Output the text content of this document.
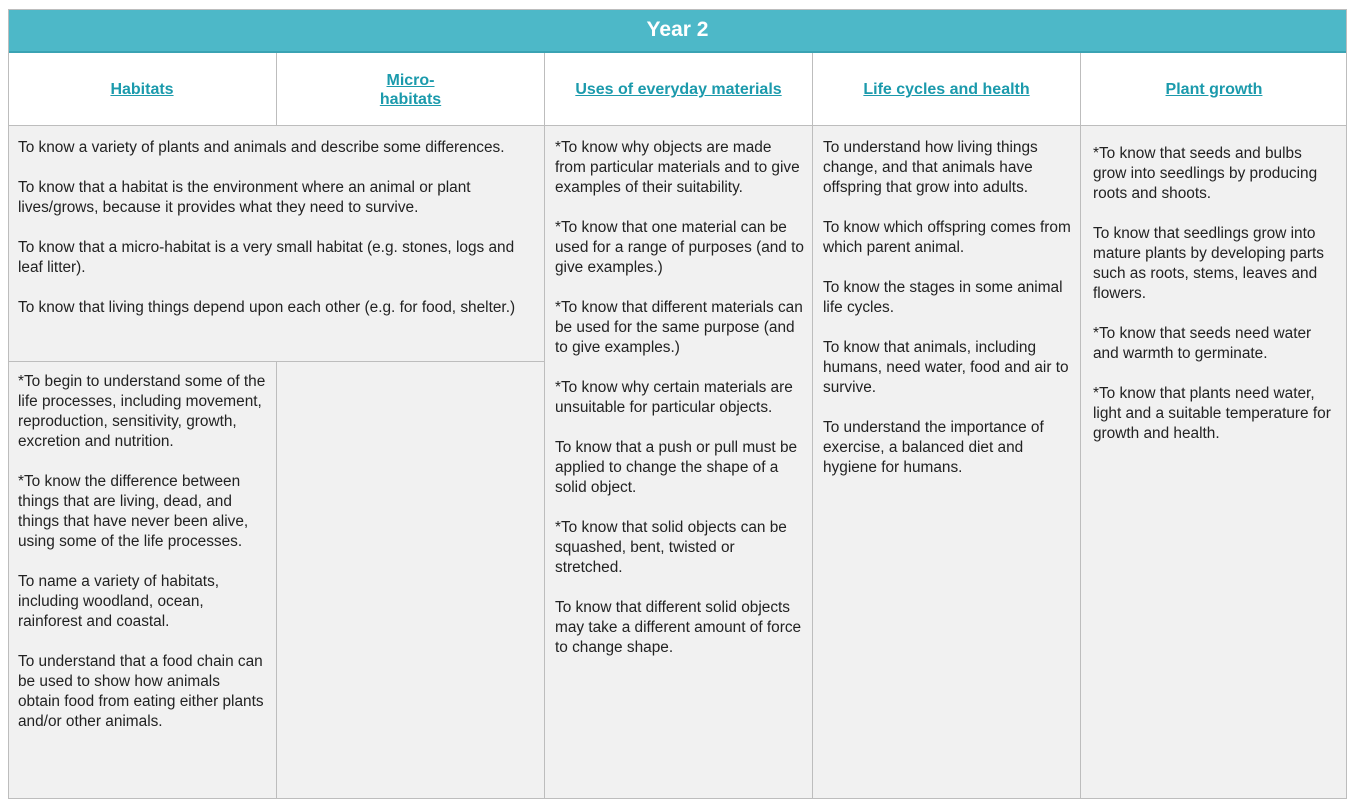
Year 2
Habitats
Micro-
habitats
Uses of everyday materials	Life cycles and health	Plant growth

To know a variety of plants and animals and describe some differences.

To know that a habitat is the environment where an animal or plant lives/grows, because it provides what they need to survive.

To know that a micro-habitat is a very small habitat (e.g. stones, logs and leaf litter).

To know that living things depend upon each other (e.g. for food, shelter.)

*To begin to understand some of the life processes, including movement, reproduction, sensitivity, growth, excretion and nutrition.

*To know the difference between things that are living, dead, and things that have never been alive, using some of the life processes.

To name a variety of habitats, including woodland, ocean, rainforest and coastal.

To understand that a food chain can be used to show how animals obtain food from eating either plants and/or other animals.

*To know why objects are made from particular materials and to give examples of their suitability.

*To know that one material can be used for a range of purposes (and to give examples.)

*To know that different materials can be used for the same purpose (and to give examples.)

*To know why certain materials are unsuitable for particular objects.

To know that a push or pull must be applied to change the shape of a solid object.

*To know that solid objects can be squashed, bent, twisted or stretched.

To know that different solid objects may take a different amount of force to change shape.

To understand how living things change, and that animals have offspring that grow into adults.

To know which offspring comes from which parent animal.

To know the stages in some animal life cycles.

To know that animals, including humans, need water, food and air to survive.

To understand the importance of exercise, a balanced diet and hygiene for humans.

*To know that seeds and bulbs grow into seedlings by producing roots and shoots.

To know that seedlings grow into mature plants by developing parts such as roots, stems, leaves and flowers.

*To know that seeds need water and warmth to germinate.

*To know that plants need water, light and a suitable temperature for growth and health.
